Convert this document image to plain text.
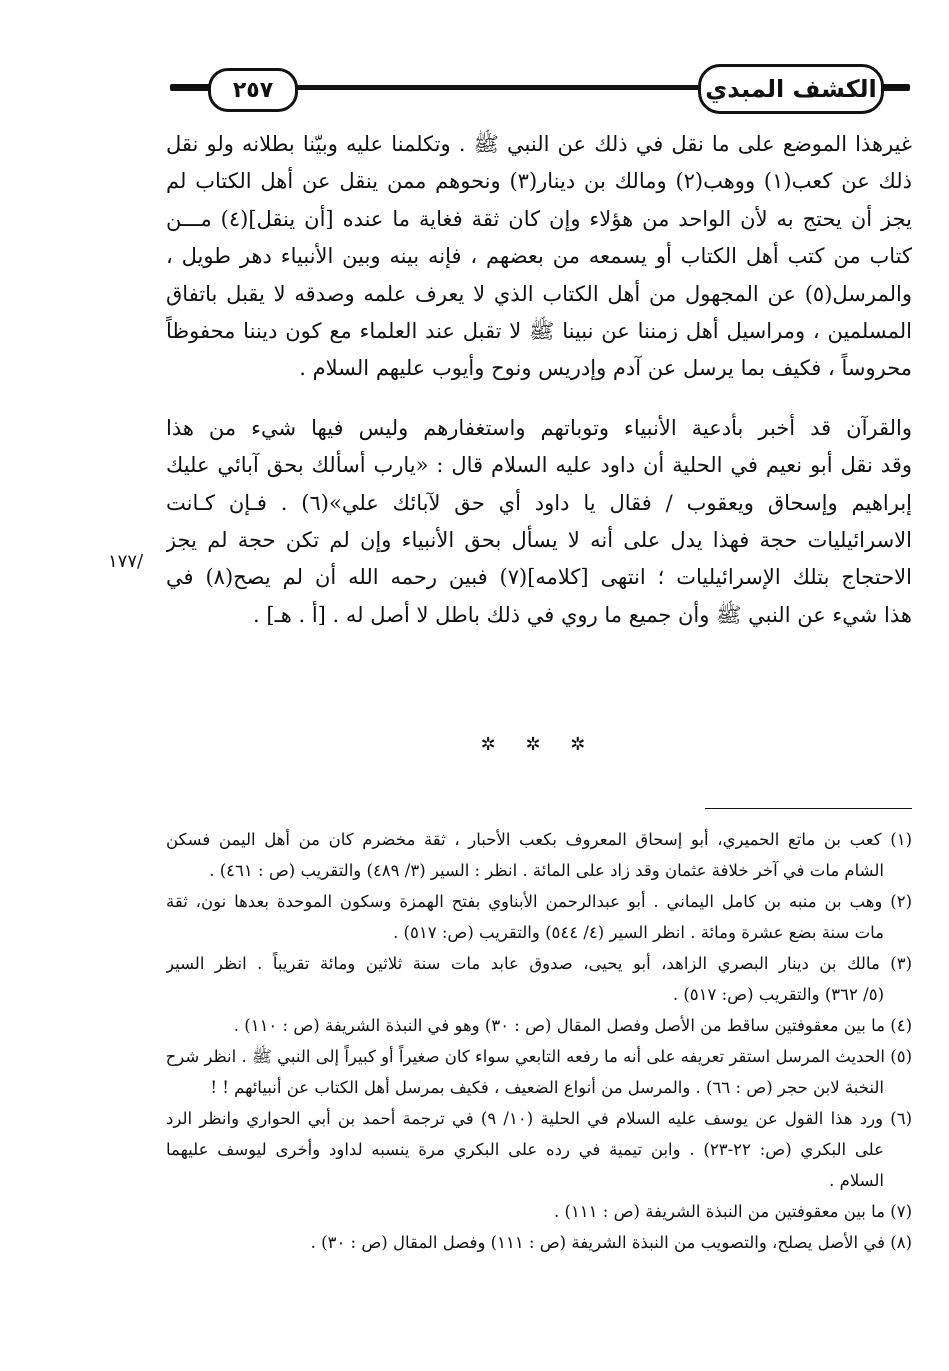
٢٥٧	الكشف المبدي
غيرهذا الموضع على ما نقل في ذلك عن النبي ﷺ . وتكلمنا عليه وبيّنا بطلانه ولو نقل
ذلك عن كعب(١) ووهب(٢) ومالك بن دينار(٣) ونحوهم ممن ينقل عن أهل الكتاب لم
يجز أن يحتج به لأن الواحد من هؤلاء وإن كان ثقة فغاية ما عنده [أن ينقل](٤) مـــن
كتاب من كتب أهل الكتاب أو يسمعه من بعضهم ، فإنه بينه وبين الأنبياء دهر طويل ،
والمرسل(٥) عن المجهول من أهل الكتاب الذي لا يعرف علمه وصدقه لا يقبل باتفاق
المسلمين ، ومراسيل أهل زمننا عن نبينا ﷺ لا تقبل عند العلماء مع كون ديننا محفوظاً
محروساً ، فكيف بما يرسل عن آدم وإدريس ونوح وأيوب عليهم السلام .
والقرآن قد أخبر بأدعية الأنبياء وتوباتهم واستغفارهم وليس فيها شيء من هذا
وقد نقل أبو نعيم في الحلية أن داود عليه السلام قال : «يارب أسألك بحق آبائي عليك
إبراهيم وإسحاق ويعقوب / فقال يا داود أي حق لآبائك علي»(٦) . فـإن كـانت
الاسرائيليات حجة فهذا يدل على أنه لا يسأل بحق الأنبياء وإن لم تكن حجة لم يجز
الاحتجاج بتلك الإسرائيليات ؛ انتهى [كلامه](٧) فبين رحمه الله أن لم يصح(٨) في
هذا شيء عن النبي ﷺ وأن جميع ما روي في ذلك باطل لا أصل له . [أ . هـ] .
١٧٧/
✲ ✲ ✲
(١) كعب بن ماتع الحميري، أبو إسحاق المعروف بكعب الأحبار ، ثقة مخضرم كان من أهل اليمن فسكن
الشام مات في آخر خلافة عثمان وقد زاد على المائة . انظر : السير (٣/ ٤٨٩) والتقريب (ص : ٤٦١) .
(٢) وهب بن منبه بن كامل اليماني . أبو عبدالرحمن الأبناوي بفتح الهمزة وسكون الموحدة بعدها نون، ثقة
مات سنة بضع عشرة ومائة . انظر السير (٤/ ٥٤٤) والتقريب (ص: ٥١٧) .
(٣) مالك بن دينار البصري الزاهد، أبو يحيى، صدوق عابد مات سنة ثلاثين ومائة تقريباً . انظر السير
(٥/ ٣٦٢) والتقريب (ص: ٥١٧) .
(٤) ما بين معقوفتين ساقط من الأصل وفصل المقال (ص : ٣٠) وهو في النبذة الشريفة (ص : ١١٠) .
(٥) الحديث المرسل استقر تعريفه على أنه ما رفعه التابعي سواء كان صغيراً أو كبيراً إلى النبي ﷺ . انظر شرح
النخبة لابن حجر (ص : ٦٦) . والمرسل من أنواع الضعيف ، فكيف بمرسل أهل الكتاب عن أنبيائهم ! !
(٦) ورد هذا القول عن يوسف عليه السلام في الحلية (١٠/ ٩) في ترجمة أحمد بن أبي الحواري وانظر الرد
على البكري (ص: ٢٢-٢٣) . وابن تيمية في رده على البكري مرة ينسبه لداود وأخرى ليوسف عليهما
السلام .
(٧) ما بين معقوفتين من النبذة الشريفة (ص : ١١١) .
(٨) في الأصل يصلح، والتصويب من النبذة الشريفة (ص : ١١١) وفصل المقال (ص : ٣٠) .
